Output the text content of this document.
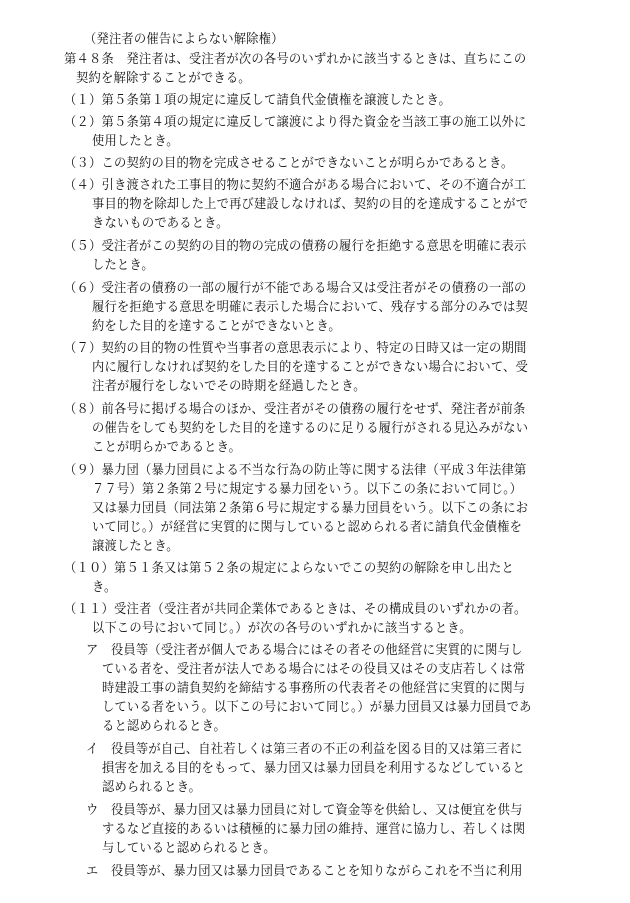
（発注者の催告によらない解除権）
第４８条 発注者は、受注者が次の各号のいずれかに該当するときは、直ちにこの
契約を解除することができる。
（１）第５条第１項の規定に違反して請負代金債権を譲渡したとき。
（２）第５条第４項の規定に違反して譲渡により得た資金を当該工事の施工以外に
使用したとき。
（３）この契約の目的物を完成させることができないことが明らかであるとき。
（４）引き渡された工事目的物に契約不適合がある場合において、その不適合が工
事目的物を除却した上で再び建設しなければ、契約の目的を達成することがで
きないものであるとき。
（５）受注者がこの契約の目的物の完成の債務の履行を拒絶する意思を明確に表示
したとき。
（６）受注者の債務の一部の履行が不能である場合又は受注者がその債務の一部の
履行を拒絶する意思を明確に表示した場合において、残存する部分のみでは契
約をした目的を達することができないとき。
（７）契約の目的物の性質や当事者の意思表示により、特定の日時又は一定の期間
内に履行しなければ契約をした目的を達することができない場合において、受
注者が履行をしないでその時期を経過したとき。
（８）前各号に掲げる場合のほか、受注者がその債務の履行をせず、発注者が前条
の催告をしても契約をした目的を達するのに足りる履行がされる見込みがない
ことが明らかであるとき。
（９）暴力団（暴力団員による不当な行為の防止等に関する法律（平成３年法律第
７７号）第２条第２号に規定する暴力団をいう。以下この条において同じ。）
又は暴力団員（同法第２条第６号に規定する暴力団員をいう。以下この条にお
いて同じ。）が経営に実質的に関与していると認められる者に請負代金債権を
譲渡したとき。
（１０）第５１条又は第５２条の規定によらないでこの契約の解除を申し出たと
き。
（１１）受注者（受注者が共同企業体であるときは、その構成員のいずれかの者。
以下この号において同じ。）が次の各号のいずれかに該当するとき。
ア　役員等（受注者が個人である場合にはその者その他経営に実質的に関与し
ている者を、受注者が法人である場合にはその役員又はその支店若しくは常
時建設工事の請負契約を締結する事務所の代表者その他経営に実質的に関与
している者をいう。以下この号において同じ。）が暴力団員又は暴力団員であ
ると認められるとき。
イ　役員等が自己、自社若しくは第三者の不正の利益を図る目的又は第三者に
損害を加える目的をもって、暴力団又は暴力団員を利用するなどしていると
認められるとき。
ウ　役員等が、暴力団又は暴力団員に対して資金等を供給し、又は便宜を供与
するなど直接的あるいは積極的に暴力団の維持、運営に協力し、若しくは関
与していると認められるとき。
エ　役員等が、暴力団又は暴力団員であることを知りながらこれを不当に利用
